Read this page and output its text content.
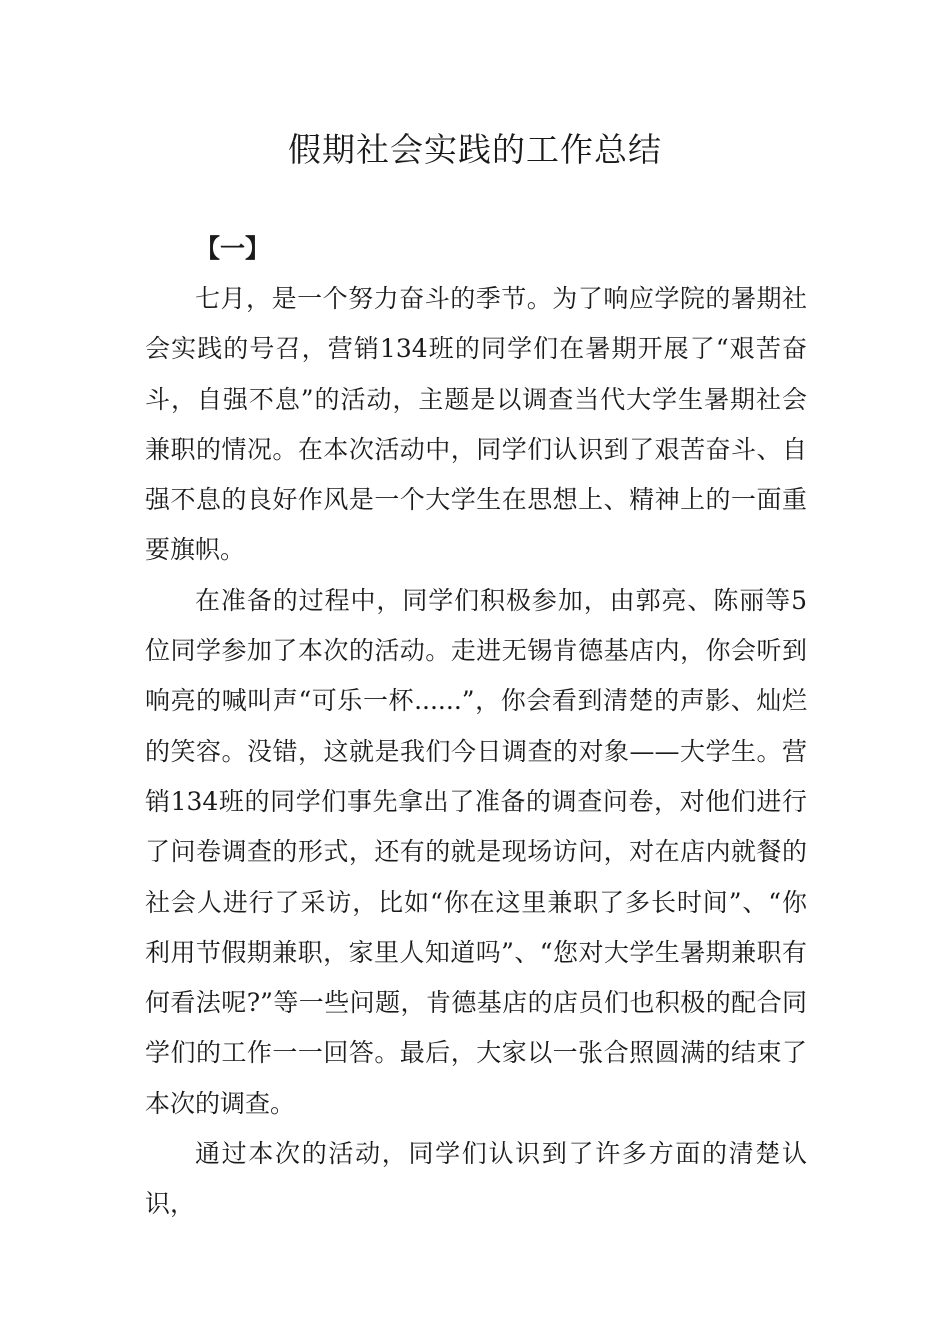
假期社会实践的工作总结

【一】

七月，是一个努力奋斗的季节。为了响应学院的暑期社会实践的号召，营销134班的同学们在暑期开展了“艰苦奋斗，自强不息”的活动，主题是以调查当代大学生暑期社会兼职的情况。在本次活动中，同学们认识到了艰苦奋斗、自强不息的良好作风是一个大学生在思想上、精神上的一面重要旗帜。

在准备的过程中，同学们积极参加，由郭亮、陈丽等5位同学参加了本次的活动。走进无锡肯德基店内，你会听到响亮的喊叫声“可乐一杯......”，你会看到清楚的声影、灿烂的笑容。没错，这就是我们今日调查的对象——大学生。营销134班的同学们事先拿出了准备的调查问卷，对他们进行了问卷调查的形式，还有的就是现场访问，对在店内就餐的社会人进行了采访，比如“你在这里兼职了多长时间”、“你利用节假期兼职，家里人知道吗”、“您对大学生暑期兼职有何看法呢?”等一些问题，肯德基店的店员们也积极的配合同学们的工作一一回答。最后，大家以一张合照圆满的结束了本次的调查。

通过本次的活动，同学们认识到了许多方面的清楚认识，
